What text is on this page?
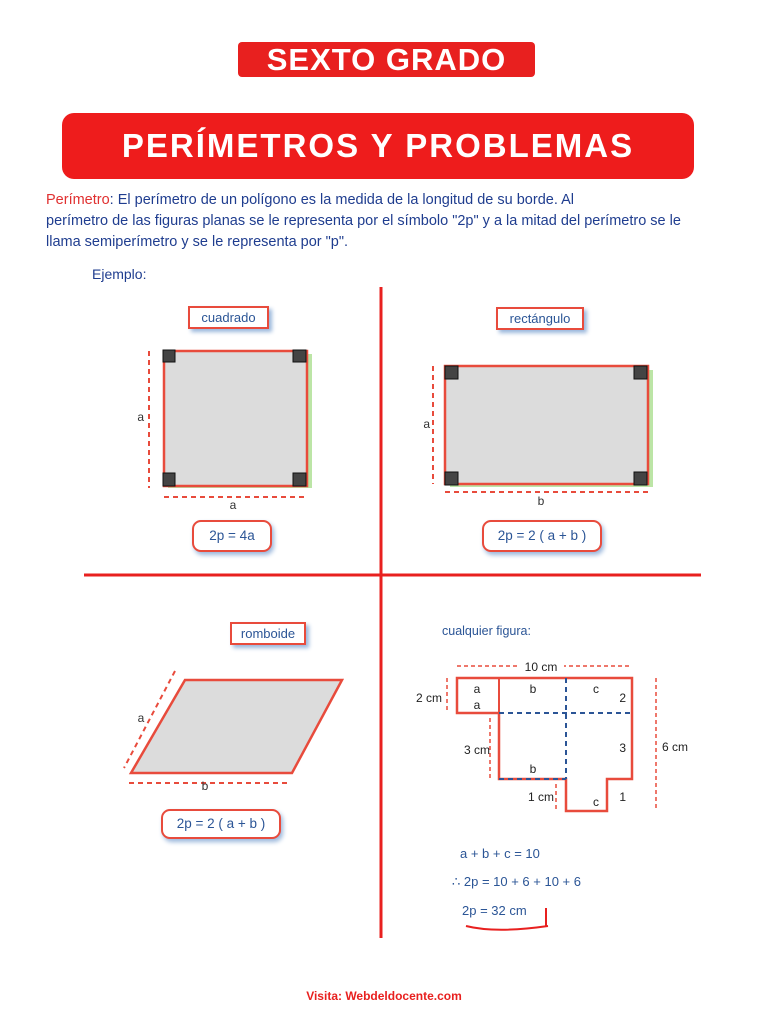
SEXTO GRADO
PERÍMETROS Y PROBLEMAS
Perímetro: El perímetro de un polígono es la medida de la longitud de su borde. Al
perímetro de las figuras planas se le representa por el símbolo "2p" y a la mitad del perímetro se le
llama semiperímetro y se le representa por "p".
Ejemplo:
cuadrado	rectángulo
romboide
a
a
2p = 4a
a
b
2p = 2 ( a + b )
a
b
2p = 2 ( a + b )
cualquier figura:
10 cm
2 cm
3 cm	6 cm
1 cm
a
a
b	c
2
3
b
c 1
a + b + c = 10
∴ 2p = 10 + 6 + 10 + 6
2p = 32 cm
Visita: Webdeldocente.com
